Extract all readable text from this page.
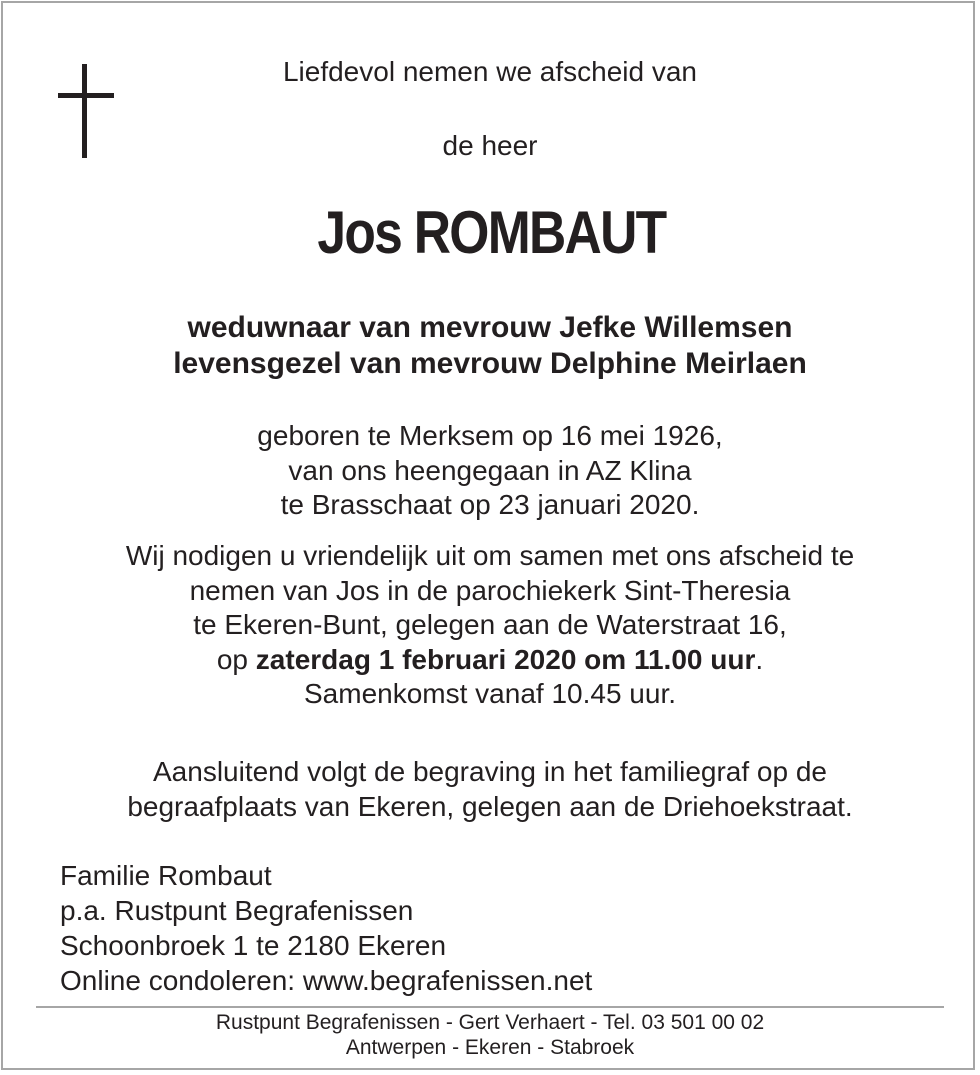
Liefdevol nemen we afscheid van
de heer
Jos ROMBAUT
weduwnaar van mevrouw Jefke Willemsen
levensgezel van mevrouw Delphine Meirlaen
geboren te Merksem op 16 mei 1926,
van ons heengegaan in AZ Klina
te Brasschaat op 23 januari 2020.
Wij nodigen u vriendelijk uit om samen met ons afscheid te
nemen van Jos in de parochiekerk Sint-Theresia
te Ekeren-Bunt, gelegen aan de Waterstraat 16,
op zaterdag 1 februari 2020 om 11.00 uur.
Samenkomst vanaf 10.45 uur.
Aansluitend volgt de begraving in het familiegraf op de
begraafplaats van Ekeren, gelegen aan de Driehoekstraat.
Familie Rombaut
p.a. Rustpunt Begrafenissen
Schoonbroek 1 te 2180 Ekeren
Online condoleren: www.begrafenissen.net
Rustpunt Begrafenissen - Gert Verhaert - Tel. 03 501 00 02
Antwerpen - Ekeren - Stabroek
